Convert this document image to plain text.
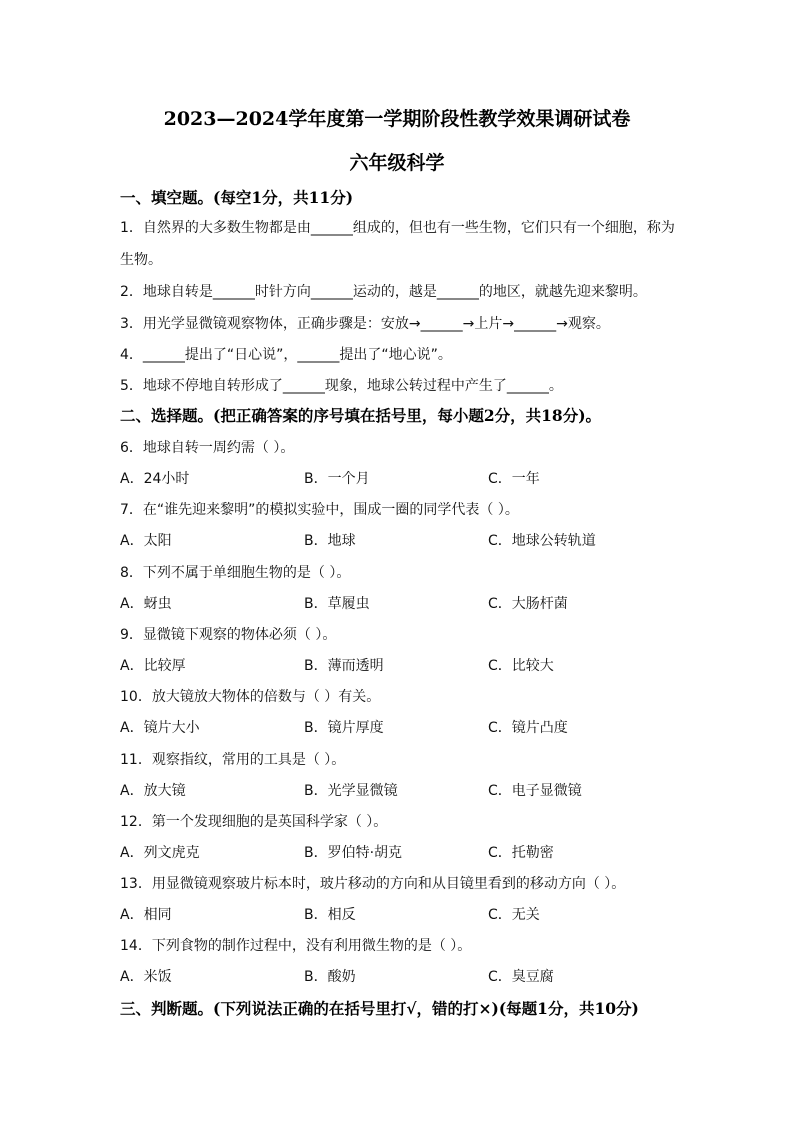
2023—2024学年度第一学期阶段性教学效果调研试卷
六年级科学
一、填空题。(每空1分，共11分)
1．自然界的大多数生物都是由______组成的，但也有一些生物，它们只有一个细胞，称为
生物。
2．地球自转是______时针方向______运动的，越是______的地区，就越先迎来黎明。
3．用光学显微镜观察物体，正确步骤是：安放→______→上片→______→观察。
4．______提出了“日心说”，______提出了“地心说”。
5．地球不停地自转形成了______现象，地球公转过程中产生了______。
二、选择题。(把正确答案的序号填在括号里，每小题2分，共18分)。
6．地球自转一周约需（ ）。
A．24小时	B．一个月	C．一年
7．在“谁先迎来黎明”的模拟实验中，围成一圈的同学代表（ ）。
A．太阳	B．地球	C．地球公转轨道
8．下列不属于单细胞生物的是（ ）。
A．蚜虫	B．草履虫	C．大肠杆菌
9．显微镜下观察的物体必须（ ）。
A．比较厚	B．薄而透明	C．比较大
10．放大镜放大物体的倍数与（ ）有关。
A．镜片大小	B．镜片厚度	C．镜片凸度
11．观察指纹，常用的工具是（ ）。
A．放大镜	B．光学显微镜	C．电子显微镜
12．第一个发现细胞的是英国科学家（ ）。
A．列文虎克	B．罗伯特·胡克	C．托勒密
13．用显微镜观察玻片标本时，玻片移动的方向和从目镜里看到的移动方向（ ）。
A．相同	B．相反	C．无关
14．下列食物的制作过程中，没有利用微生物的是（ ）。
A．米饭	B．酸奶	C．臭豆腐
三、判断题。(下列说法正确的在括号里打√，错的打×)(每题1分，共10分)
